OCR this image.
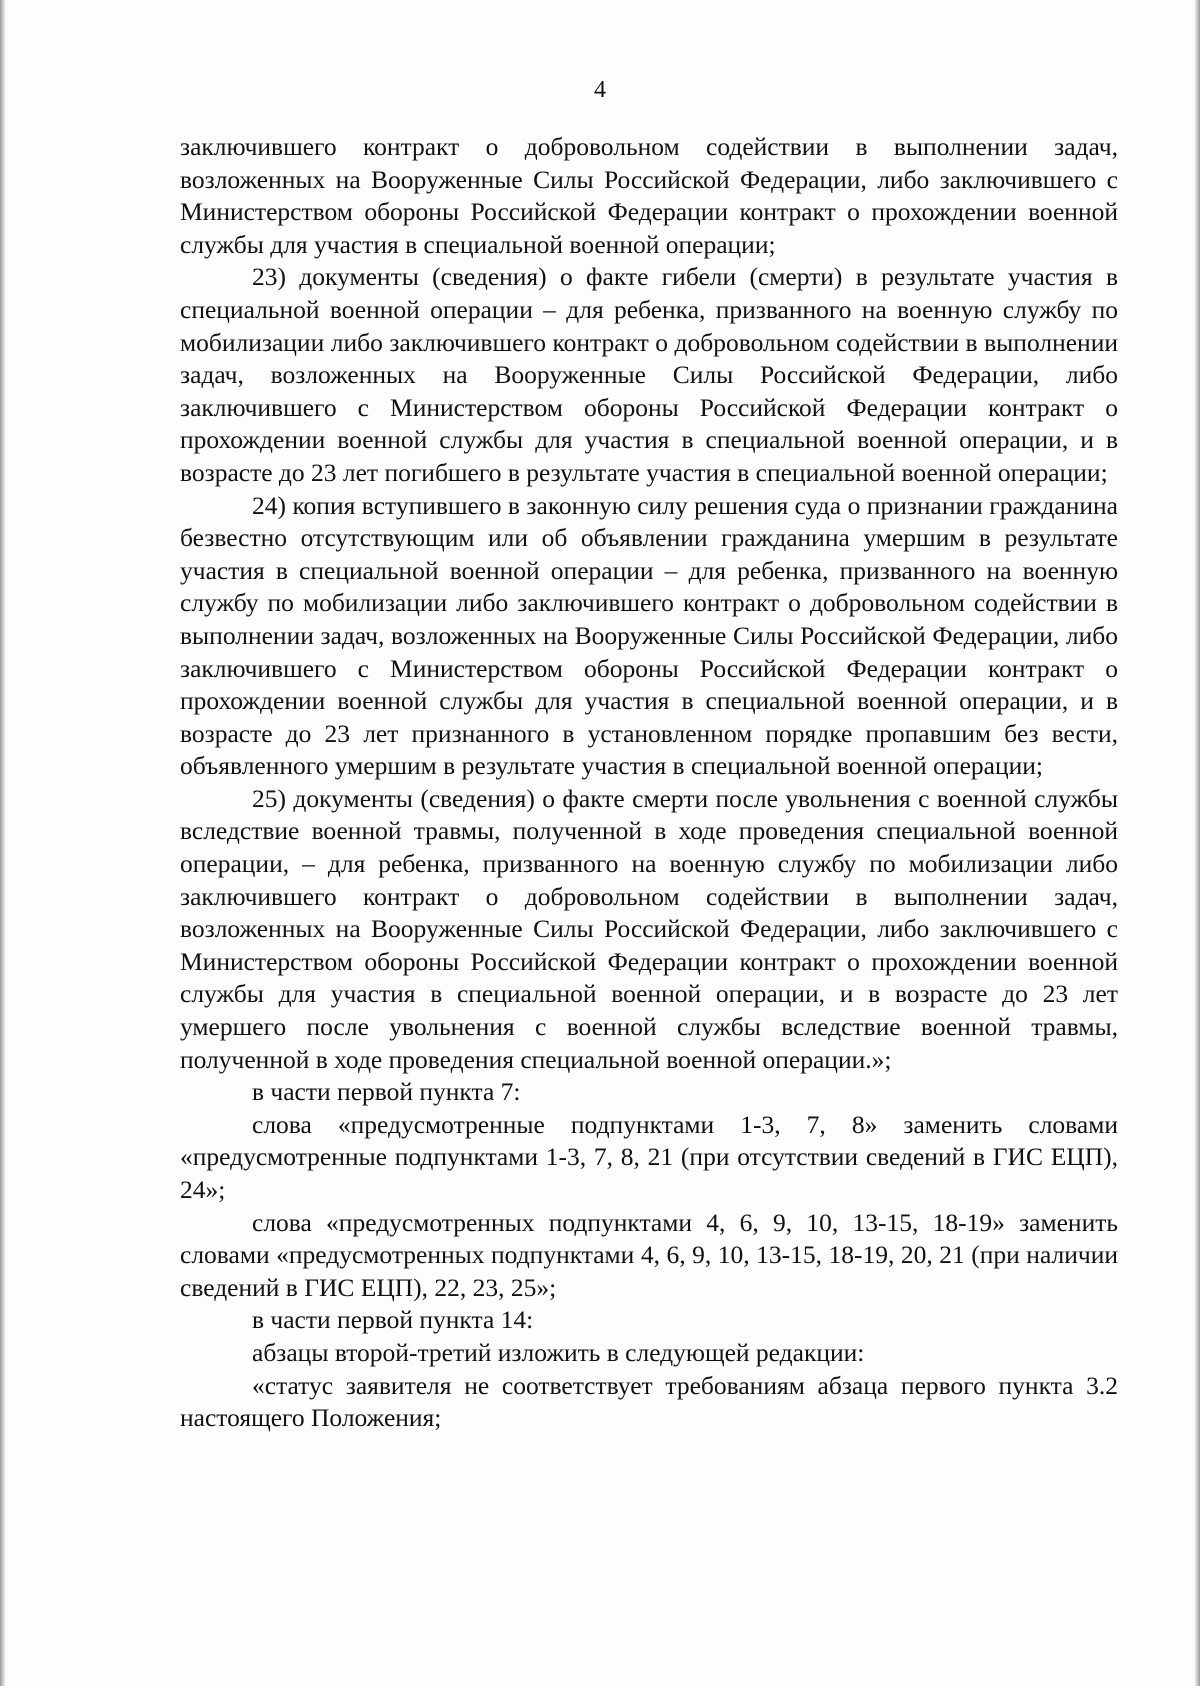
4

заключившего контракт о добровольном содействии в выполнении задач, возложенных на Вооруженные Силы Российской Федерации, либо заключившего с Министерством обороны Российской Федерации контракт о прохождении военной службы для участия в специальной военной операции;

23) документы (сведения) о факте гибели (смерти) в результате участия в специальной военной операции – для ребенка, призванного на военную службу по мобилизации либо заключившего контракт о добровольном содействии в выполнении задач, возложенных на Вооруженные Силы Российской Федерации, либо заключившего с Министерством обороны Российской Федерации контракт о прохождении военной службы для участия в специальной военной операции, и в возрасте до 23 лет погибшего в результате участия в специальной военной операции;

24) копия вступившего в законную силу решения суда о признании гражданина безвестно отсутствующим или об объявлении гражданина умершим в результате участия в специальной военной операции – для ребенка, призванного на военную службу по мобилизации либо заключившего контракт о добровольном содействии в выполнении задач, возложенных на Вооруженные Силы Российской Федерации, либо заключившего с Министерством обороны Российской Федерации контракт о прохождении военной службы для участия в специальной военной операции, и в возрасте до 23 лет признанного в установленном порядке пропавшим без вести, объявленного умершим в результате участия в специальной военной операции;

25) документы (сведения) о факте смерти после увольнения с военной службы вследствие военной травмы, полученной в ходе проведения специальной военной операции, – для ребенка, призванного на военную службу по мобилизации либо заключившего контракт о добровольном содействии в выполнении задач, возложенных на Вооруженные Силы Российской Федерации, либо заключившего с Министерством обороны Российской Федерации контракт о прохождении военной службы для участия в специальной военной операции, и в возрасте до 23 лет умершего после увольнения с военной службы вследствие военной травмы, полученной в ходе проведения специальной военной операции.»;

в части первой пункта 7:

слова «предусмотренные подпунктами 1-3, 7, 8» заменить словами «предусмотренные подпунктами 1-3, 7, 8, 21 (при отсутствии сведений в ГИС ЕЦП), 24»;

слова «предусмотренных подпунктами 4, 6, 9, 10, 13-15, 18-19» заменить словами «предусмотренных подпунктами 4, 6, 9, 10, 13-15, 18-19, 20, 21 (при наличии сведений в ГИС ЕЦП), 22, 23, 25»;

в части первой пункта 14:

абзацы второй-третий изложить в следующей редакции:

«статус заявителя не соответствует требованиям абзаца первого пункта 3.2 настоящего Положения;
